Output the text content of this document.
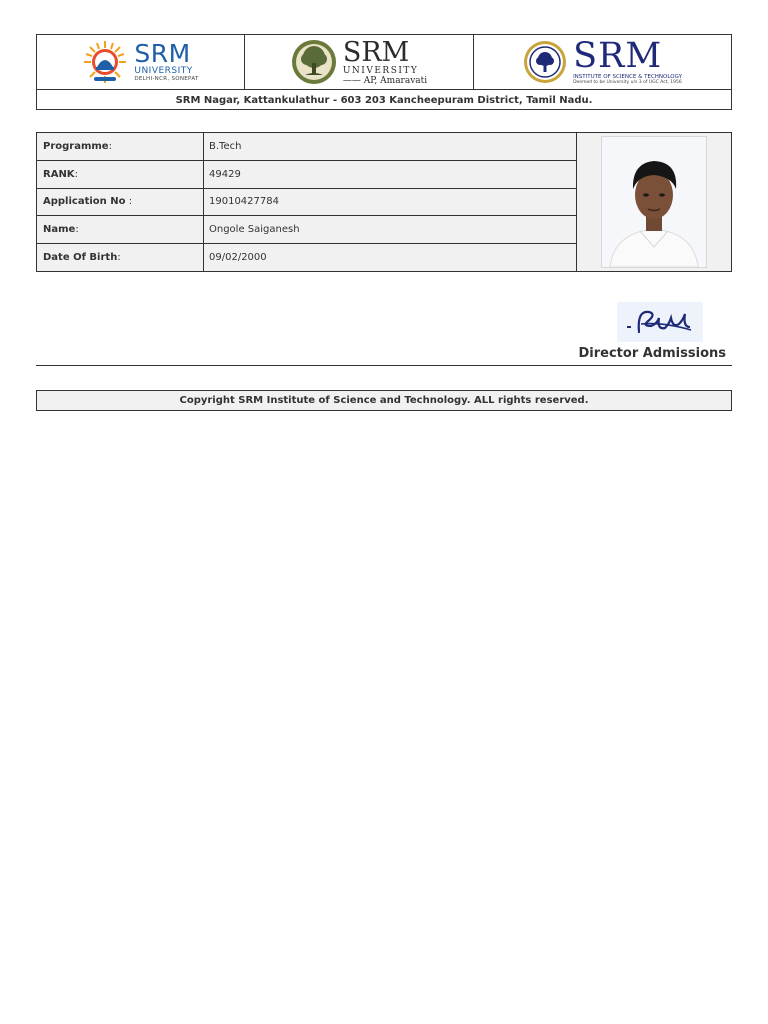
SRM
UNIVERSITY
DELHI-NCR, SONEPAT
SRM
UNIVERSITY
—— AP, Amaravati
SRM
INSTITUTE OF SCIENCE & TECHNOLOGY
Deemed to be University u/s 3 of UGC Act, 1956
SRM Nagar, Kattankulathur - 603 203 Kancheepuram District, Tamil Nadu.
Programme :	B.Tech
RANK :	49429
Application No :	19010427784
Name :	Ongole Saiganesh
Date Of Birth :	09/02/2000
Director Admissions
Copyright SRM Institute of Science and Technology. ALL rights reserved.
